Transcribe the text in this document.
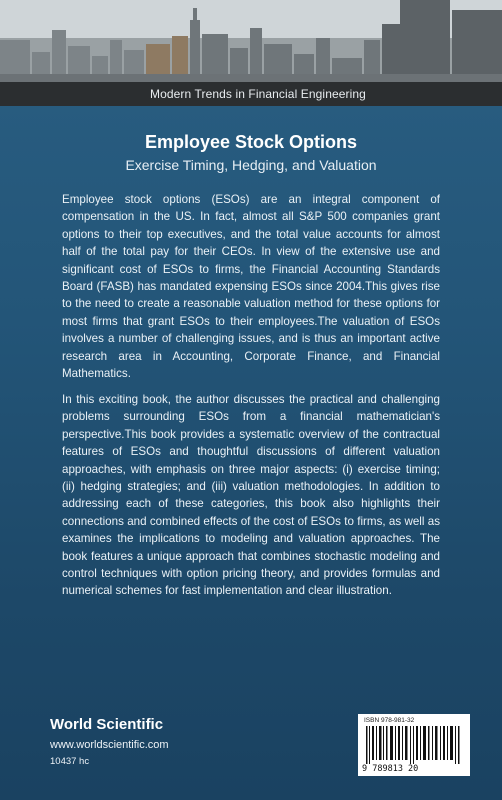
Modern Trends in Financial Engineering
Employee Stock Options
Exercise Timing, Hedging, and Valuation

Employee stock options (ESOs) are an integral component of compensation in the US. In fact, almost all S&P 500 companies grant options to their top executives, and the total value accounts for almost half of the total pay for their CEOs. In view of the extensive use and significant cost of ESOs to firms, the Financial Accounting Standards Board (FASB) has mandated expensing ESOs since 2004.This gives rise to the need to create a reasonable valuation method for these options for most firms that grant ESOs to their employees.The valuation of ESOs involves a number of challenging issues, and is thus an important active research area in Accounting, Corporate Finance, and Financial Mathematics.

In this exciting book, the author discusses the practical and challenging problems surrounding ESOs from a financial mathematician's perspective.This book provides a systematic overview of the contractual features of ESOs and thoughtful discussions of different valuation approaches, with emphasis on three major aspects: (i) exercise timing; (ii) hedging strategies; and (iii) valuation methodologies. In addition to addressing each of these categories, this book also highlights their connections and combined effects of the cost of ESOs to firms, as well as examines the implications to modeling and valuation approaches. The book features a unique approach that combines stochastic modeling and control techniques with option pricing theory, and provides formulas and numerical schemes for fast implementation and clear illustration.

World Scientific
www.worldscientific.com
10437 hc
ISBN 978-981-32
9 789813 20
